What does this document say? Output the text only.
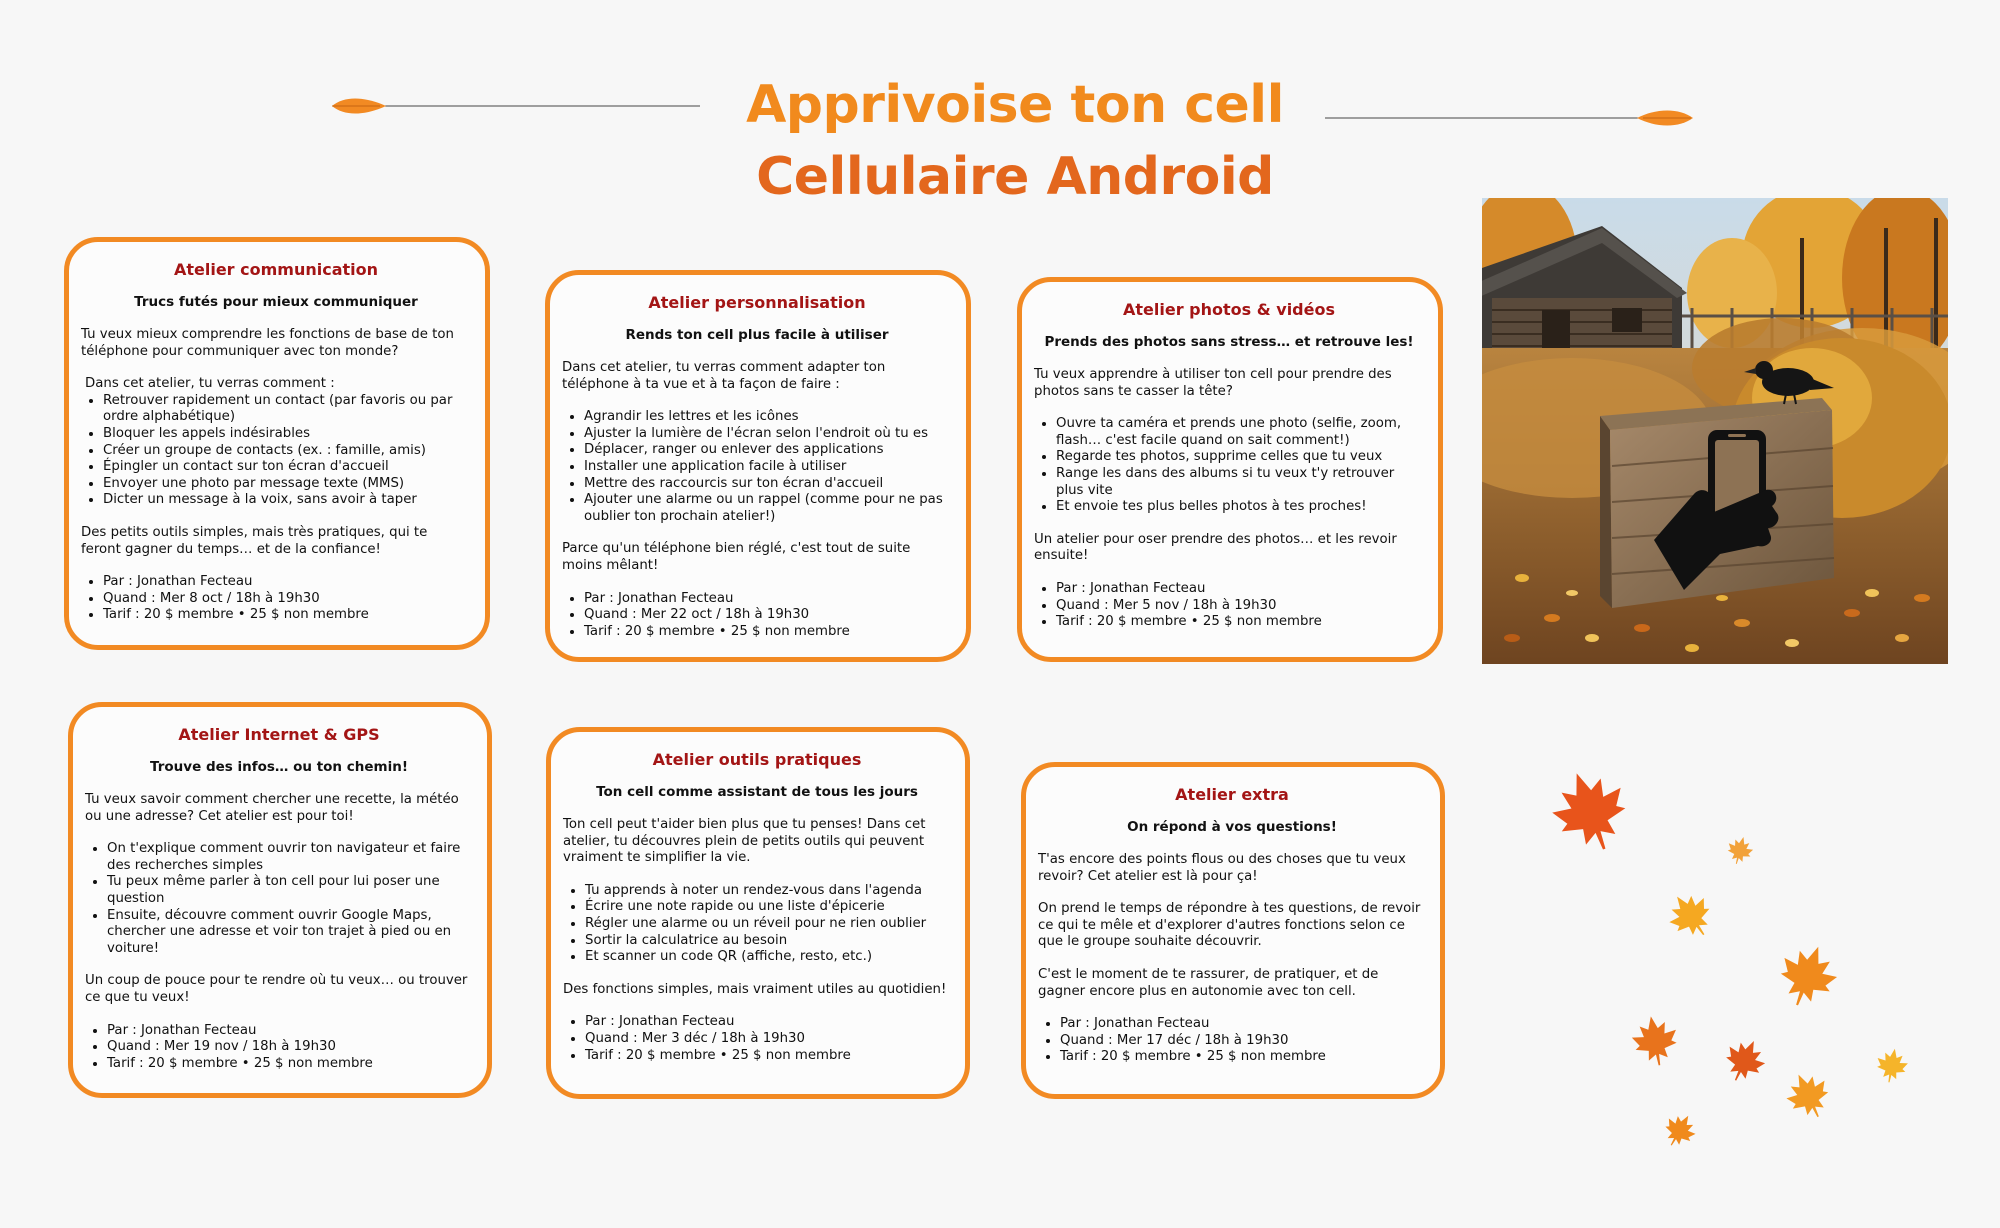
Apprivoise ton cell
Cellulaire Android
Atelier communication
Trucs futés pour mieux communiquer

Tu veux mieux comprendre les fonctions de base de ton téléphone pour communiquer avec ton monde?

Dans cet atelier, tu verras comment :
• Retrouver rapidement un contact (par favoris ou par ordre alphabétique)
• Bloquer les appels indésirables
• Créer un groupe de contacts (ex. : famille, amis)
• Épingler un contact sur ton écran d'accueil
• Envoyer une photo par message texte (MMS)
• Dicter un message à la voix, sans avoir à taper

Des petits outils simples, mais très pratiques, qui te feront gagner du temps… et de la confiance!

• Par : Jonathan Fecteau
• Quand : Mer 8 oct / 18h à 19h30
• Tarif : 20 $ membre • 25 $ non membre
Atelier personnalisation
Rends ton cell plus facile à utiliser

Dans cet atelier, tu verras comment adapter ton téléphone à ta vue et à ta façon de faire :

• Agrandir les lettres et les icônes
• Ajuster la lumière de l'écran selon l'endroit où tu es
• Déplacer, ranger ou enlever des applications
• Installer une application facile à utiliser
• Mettre des raccourcis sur ton écran d'accueil
• Ajouter une alarme ou un rappel (comme pour ne pas oublier ton prochain atelier!)

Parce qu'un téléphone bien réglé, c'est tout de suite moins mêlant!

• Par : Jonathan Fecteau
• Quand : Mer 22 oct / 18h à 19h30
• Tarif : 20 $ membre • 25 $ non membre
Atelier photos & vidéos
Prends des photos sans stress… et retrouve les!

Tu veux apprendre à utiliser ton cell pour prendre des photos sans te casser la tête?

• Ouvre ta caméra et prends une photo (selfie, zoom, flash… c'est facile quand on sait comment!)
• Regarde tes photos, supprime celles que tu veux
• Range les dans des albums si tu veux t'y retrouver plus vite
• Et envoie tes plus belles photos à tes proches!

Un atelier pour oser prendre des photos… et les revoir ensuite!

• Par : Jonathan Fecteau
• Quand : Mer 5 nov / 18h à 19h30
• Tarif : 20 $ membre • 25 $ non membre
Atelier Internet & GPS
Trouve des infos… ou ton chemin!

Tu veux savoir comment chercher une recette, la météo ou une adresse? Cet atelier est pour toi!

• On t'explique comment ouvrir ton navigateur et faire des recherches simples
• Tu peux même parler à ton cell pour lui poser une question
• Ensuite, découvre comment ouvrir Google Maps, chercher une adresse et voir ton trajet à pied ou en voiture!

Un coup de pouce pour te rendre où tu veux… ou trouver ce que tu veux!

• Par : Jonathan Fecteau
• Quand : Mer 19 nov / 18h à 19h30
• Tarif : 20 $ membre • 25 $ non membre
Atelier outils pratiques
Ton cell comme assistant de tous les jours

Ton cell peut t'aider bien plus que tu penses! Dans cet atelier, tu découvres plein de petits outils qui peuvent vraiment te simplifier la vie.

• Tu apprends à noter un rendez-vous dans l'agenda
• Écrire une note rapide ou une liste d'épicerie
• Régler une alarme ou un réveil pour ne rien oublier
• Sortir la calculatrice au besoin
• Et scanner un code QR (affiche, resto, etc.)

Des fonctions simples, mais vraiment utiles au quotidien!

• Par : Jonathan Fecteau
• Quand : Mer 3 déc / 18h à 19h30
• Tarif : 20 $ membre • 25 $ non membre
Atelier extra
On répond à vos questions!

T'as encore des points flous ou des choses que tu veux revoir? Cet atelier est là pour ça!

On prend le temps de répondre à tes questions, de revoir ce qui te mêle et d'explorer d'autres fonctions selon ce que le groupe souhaite découvrir.

C'est le moment de te rassurer, de pratiquer, et de gagner encore plus en autonomie avec ton cell.

• Par : Jonathan Fecteau
• Quand : Mer 17 déc / 18h à 19h30
• Tarif : 20 $ membre • 25 $ non membre
